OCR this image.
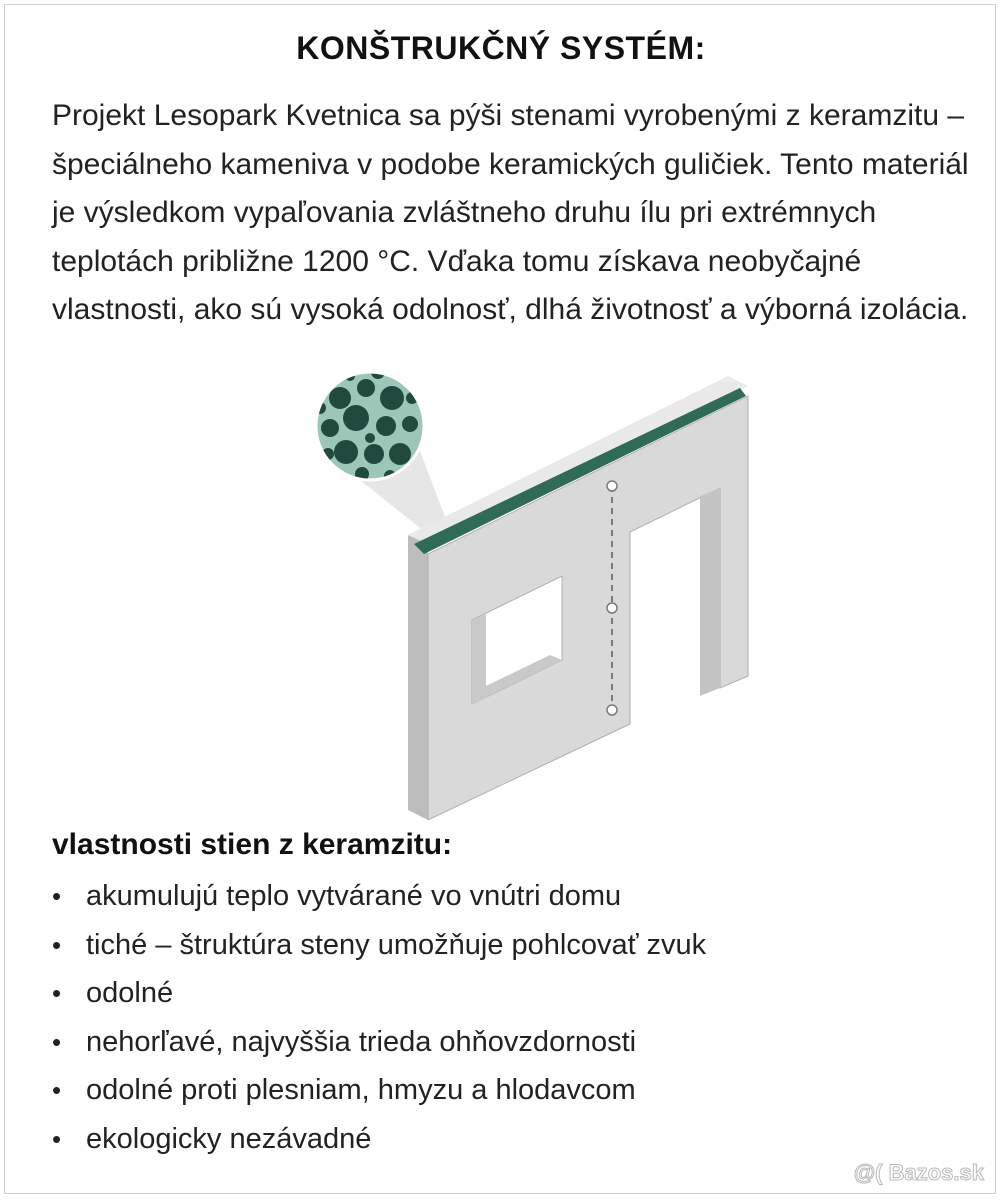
KONŠTRUKČNÝ SYSTÉM:

Projekt Lesopark Kvetnica sa pýši stenami vyrobenými z keramzitu – špeciálneho kameniva v podobe keramických guličiek. Tento materiál je výsledkom vypaľovania zvláštneho druhu ílu pri extrémnych teplotách približne 1200 °C. Vďaka tomu získava neobyčajné vlastnosti, ako sú vysoká odolnosť, dlhá životnosť a výborná izolácia.

vlastnosti stien z keramzitu:
• akumulujú teplo vytvárané vo vnútri domu
• tiché – štruktúra steny umožňuje pohlcovať zvuk
• odolné
• nehorľavé, najvyššia trieda ohňovzdornosti
• odolné proti plesniam, hmyzu a hlodavcom
• ekologicky nezávadné
@( Bazos.sk
